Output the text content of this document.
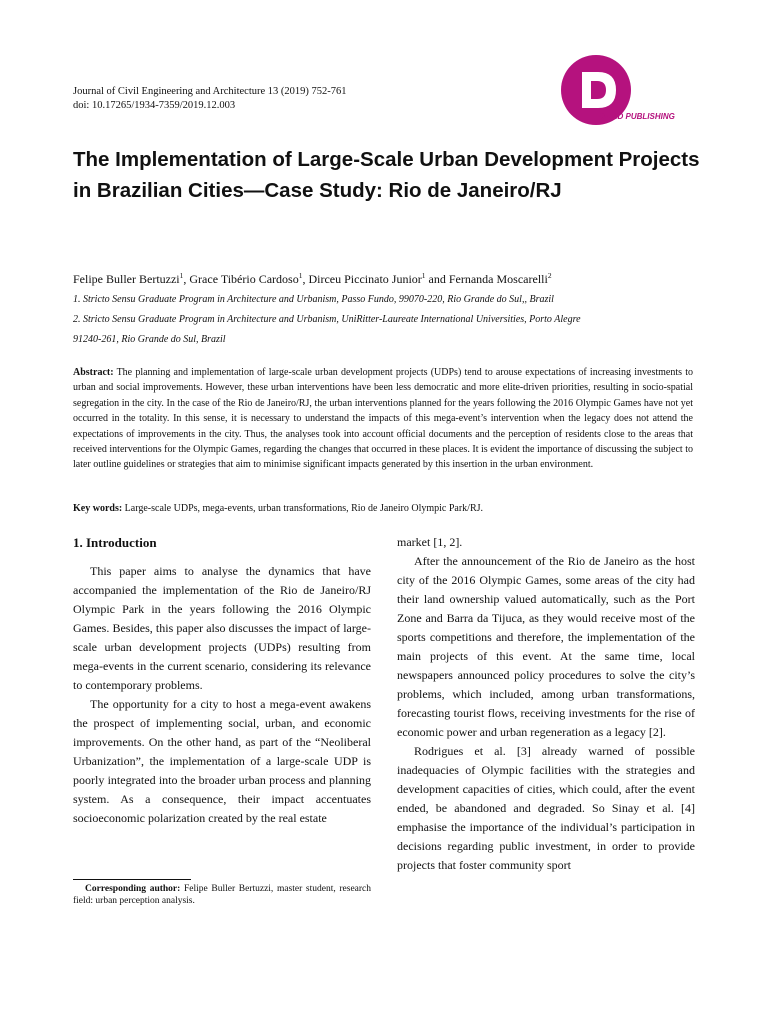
Journal of Civil Engineering and Architecture 13 (2019) 752-761
doi: 10.17265/1934-7359/2019.12.003
DAVID PUBLISHING
The Implementation of Large-Scale Urban Development Projects in Brazilian Cities—Case Study: Rio de Janeiro/RJ
Felipe Buller Bertuzzi$^1$, Grace Tibério Cardoso$^1$, Dirceu Piccinato Junior$^1$ and Fernanda Moscarelli$^2$
1. Stricto Sensu Graduate Program in Architecture and Urbanism, Passo Fundo, 99070-220, Rio Grande do Sul,, Brazil
2. Stricto Sensu Graduate Program in Architecture and Urbanism, UniRitter-Laureate International Universities, Porto Alegre
91240-261, Rio Grande do Sul, Brazil

Abstract: The planning and implementation of large-scale urban development projects (UDPs) tend to arouse expectations of increasing investments to urban and social improvements. However, these urban interventions have been less democratic and more elite-driven priorities, resulting in socio-spatial segregation in the city. In the case of the Rio de Janeiro/RJ, the urban interventions planned for the years following the 2016 Olympic Games have not yet occurred in the totality. In this sense, it is necessary to understand the impacts of this mega-event’s intervention when the legacy does not attend the expectations of improvements in the city. Thus, the analyses took into account official documents and the perception of residents close to the areas that received interventions for the Olympic Games, regarding the changes that occurred in these places. It is evident the importance of discussing the subject to later outline guidelines or strategies that aim to minimise significant impacts generated by this insertion in the urban environment.

Key words: Large-scale UDPs, mega-events, urban transformations, Rio de Janeiro Olympic Park/RJ.

1. Introduction

This paper aims to analyse the dynamics that have accompanied the implementation of the Rio de Janeiro/RJ Olympic Park in the years following the 2016 Olympic Games. Besides, this paper also discusses the impact of large-scale urban development projects (UDPs) resulting from mega-events in the current scenario, considering its relevance to contemporary problems.

The opportunity for a city to host a mega-event awakens the prospect of implementing social, urban, and economic improvements. On the other hand, as part of the “Neoliberal Urbanization”, the implementation of a large-scale UDP is poorly integrated into the broader urban process and planning system. As a consequence, their impact accentuates socioeconomic polarization created by the real estate

market [1, 2].

After the announcement of the Rio de Janeiro as the host city of the 2016 Olympic Games, some areas of the city had their land ownership valued automatically, such as the Port Zone and Barra da Tijuca, as they would receive most of the sports competitions and therefore, the implementation of the main projects of this event. At the same time, local newspapers announced policy procedures to solve the city’s problems, which included, among urban transformations, forecasting tourist flows, receiving investments for the rise of economic power and urban regeneration as a legacy [2].

Rodrigues et al. [3] already warned of possible inadequacies of Olympic facilities with the strategies and development capacities of cities, which could, after the event ended, be abandoned and degraded. So Sinay et al. [4] emphasise the importance of the individual’s participation in decisions regarding public investment, in order to provide projects that foster community sport

Corresponding author: Felipe Buller Bertuzzi, master student, research field: urban perception analysis.
